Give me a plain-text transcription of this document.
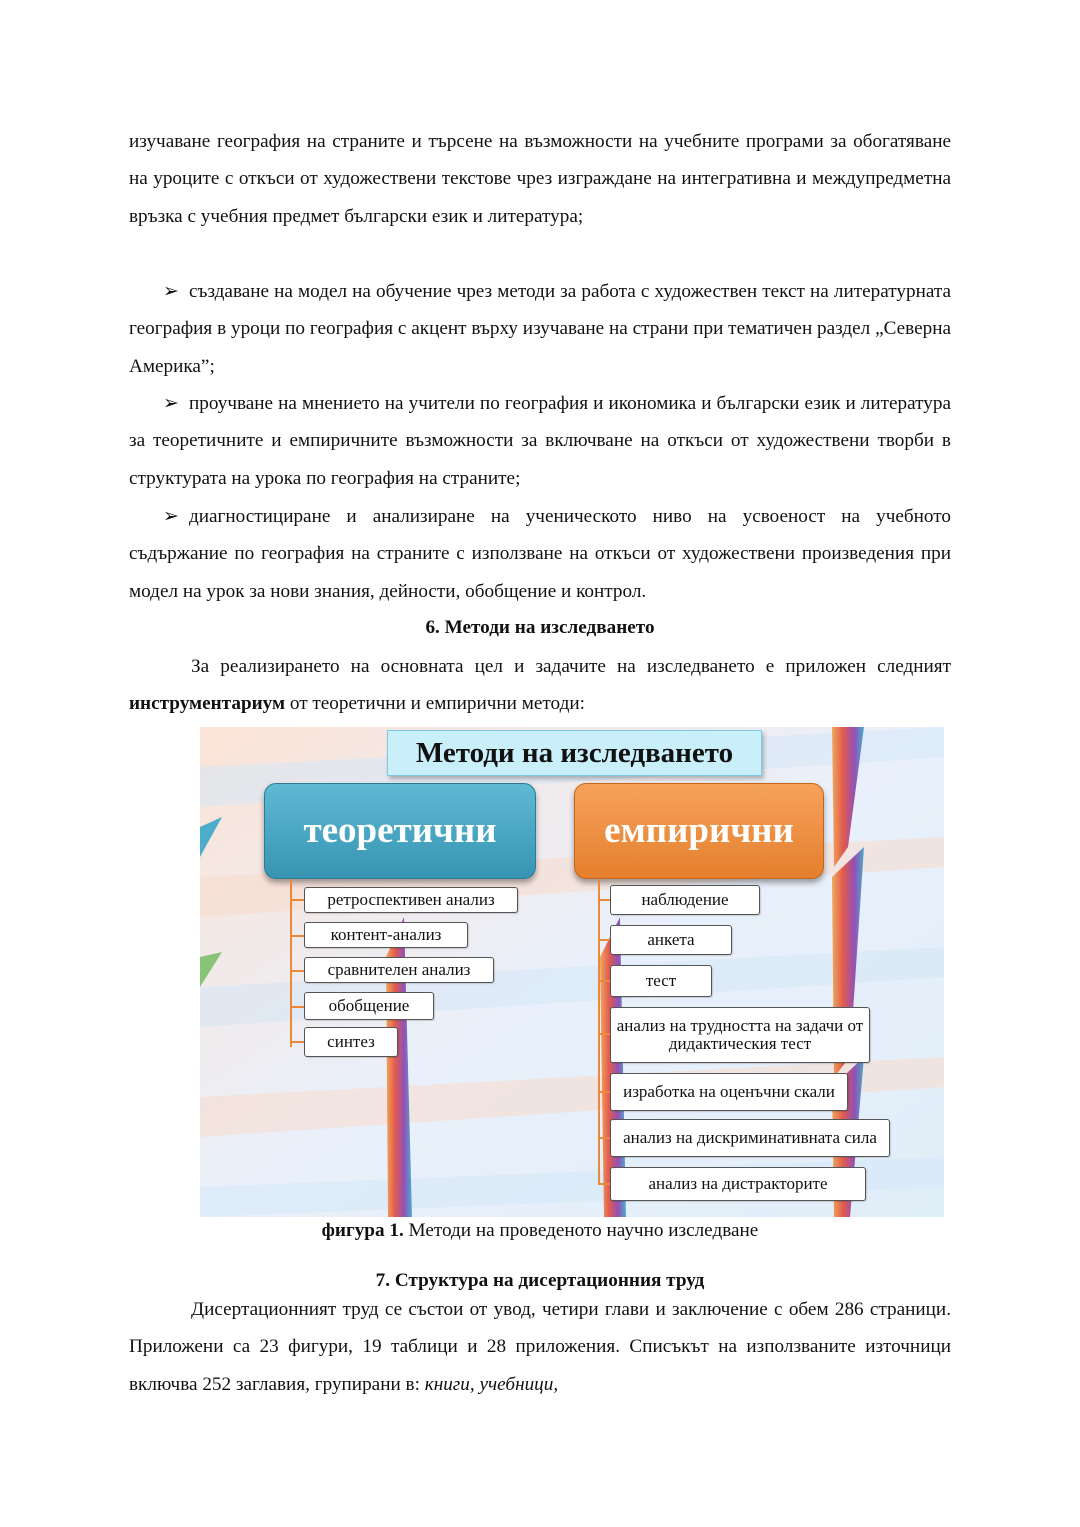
изучаване география на страните и търсене на възможности на учебните програми за обогатяване на уроците с откъси от художествени текстове чрез изграждане на интегративна и междупредметна връзка с учебния предмет български език и литература;

➢ създаване на модел на обучение чрез методи за работа с художествен текст на литературната география в уроци по география с акцент върху изучаване на страни при тематичен раздел „Северна Америка”;

➢ проучване на мнението на учители по география и икономика и български език и литература за теоретичните и емпиричните възможности за включване на откъси от художествени творби в структурата на урока по география на страните;

➢ диагностициране и анализиране на ученическото ниво на усвоеност на учебното съдържание по география на страните с използване на откъси от художествени произведения при модел на урок за нови знания, дейности, обобщение и контрол.

6. Методи на изследването

За реализирането на основната цел и задачите на изследването е приложен следният инструментариум от теоретични и емпирични методи:

Методи на изследването
теоретични	емпирични
ретроспективен анализ
контент-анализ
сравнителен анализ
обобщение
синтез
наблюдение
анкета
тест
анализ на трудността на задачи от дидактическия тест
изработка на оценъчни скали
анализ на дискриминативната сила
анализ на дистракторите
фигура 1. Методи на проведеното научно изследване
7. Структура на дисертационния труд

Дисертационният труд се състои от увод, четири глави и заключение с обем 286 страници. Приложени са 23 фигури, 19 таблици и 28 приложения. Списъкът на използваните източници включва 252 заглавия, групирани в: книги, учебници,
